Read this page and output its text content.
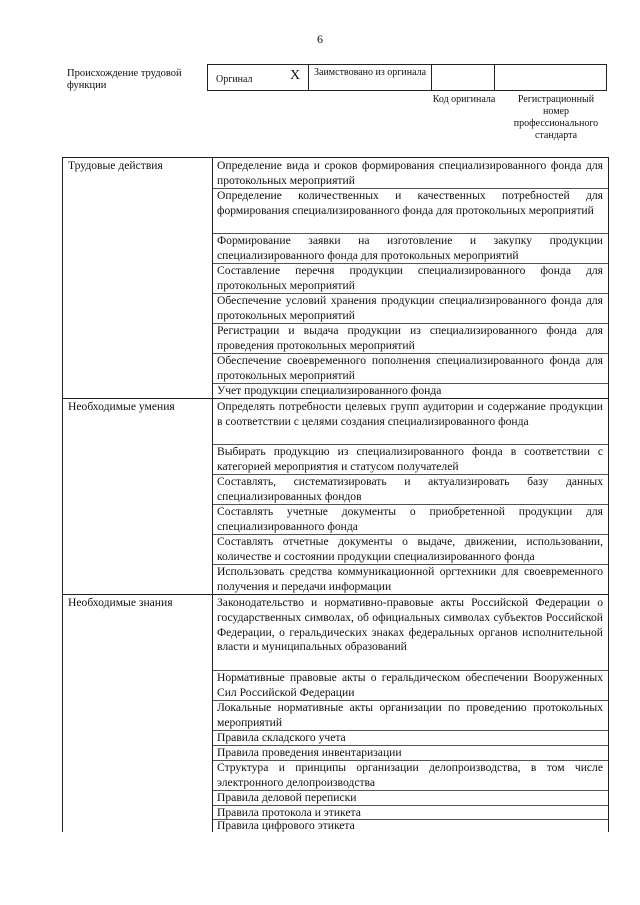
6
Происхождение трудовой функции
Оргинал	X	Заимствовано из оргинала
Код оригинала	Регистрационный номер профессионального стандарта
Трудовые действия	Определение вида и сроков формирования специализированного фонда для протокольных мероприятий
Определение количественных и качественных потребностей для формирования специализированного фонда для протокольных мероприятий
Формирование заявки на изготовление и закупку продукции специализированного фонда для протокольных мероприятий
Составление перечня продукции специализированного фонда для протокольных мероприятий
Обеспечение условий хранения продукции специализированного фонда для протокольных мероприятий
Регистрации и выдача продукции из специализированного фонда для проведения протокольных мероприятий
Обеспечение своевременного пополнения специализированного фонда для протокольных мероприятий
Учет продукции специализированного фонда
Необходимые умения	Определять потребности целевых групп аудитории и содержание продукции в соответствии с целями создания специализированного фонда
Выбирать продукцию из специализированного фонда в соответствии с категорией мероприятия и статусом получателей
Составлять, систематизировать и актуализировать базу данных специализированных фондов
Составлять учетные документы о приобретенной продукции для специализированного фонда
Составлять отчетные документы о выдаче, движении, использовании, количестве и состоянии продукции специализированного фонда
Использовать средства коммуникационной оргтехники для своевременного получения и передачи информации
Необходимые знания	Законодательство и нормативно-правовые акты Российской Федерации о государственных символах, об официальных символах субъектов Российской Федерации, о геральдических знаках федеральных органов исполнительной власти и муниципальных образований
Нормативные правовые акты о геральдическом обеспечении Вооруженных Сил Российской Федерации
Локальные нормативные акты организации по проведению протокольных мероприятий
Правила складского учета
Правила проведения инвентаризации
Структура и принципы организации делопроизводства, в том числе электронного делопроизводства
Правила деловой переписки
Правила протокола и этикета
Правила цифрового этикета
